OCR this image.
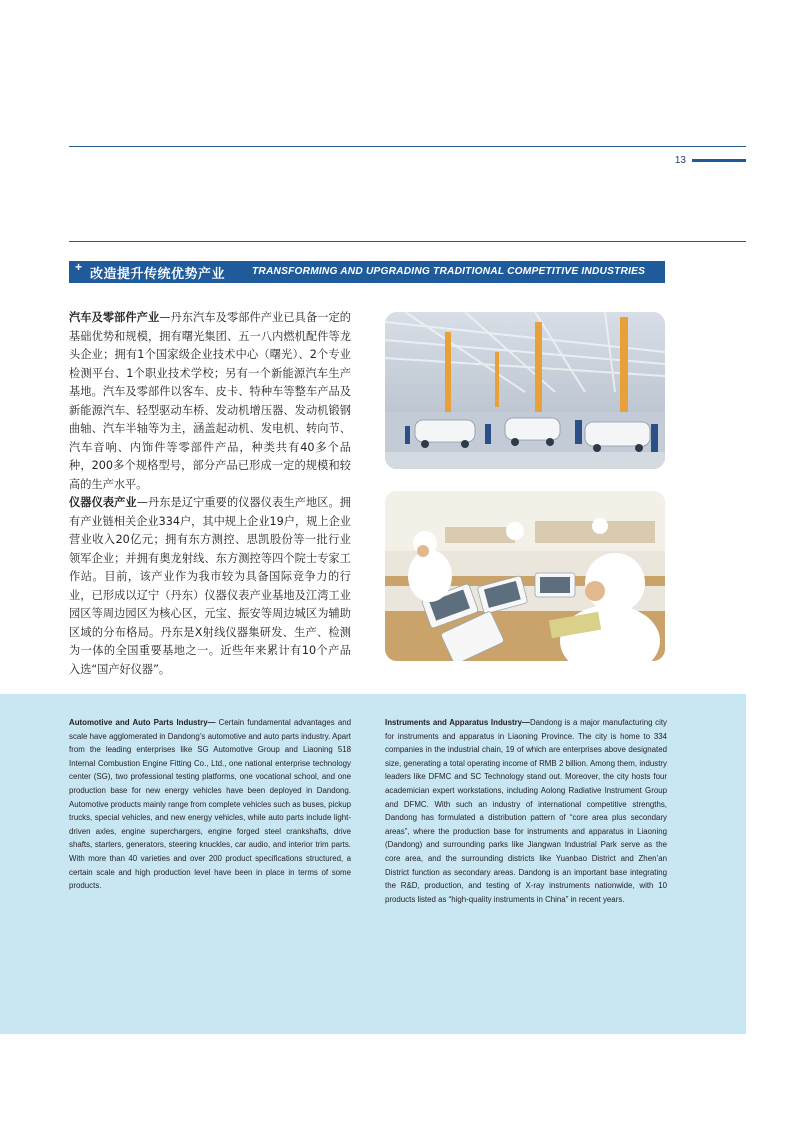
13
+ 改造提升传统优势产业	TRANSFORMING AND UPGRADING TRADITIONAL COMPETITIVE INDUSTRIES

汽车及零部件产业—丹东汽车及零部件产业已具备一定的基础优势和规模，拥有曙光集团、五一八内燃机配件等龙头企业；拥有1个国家级企业技术中心（曙光）、2个专业检测平台、1个职业技术学校；另有一个新能源汽车生产基地。汽车及零部件以客车、皮卡、特种车等整车产品及新能源汽车、轻型驱动车桥、发动机增压器、发动机锻钢曲轴、汽车半轴等为主，涵盖起动机、发电机、转向节、汽车音响、内饰件等零部件产品，种类共有40多个品种，200多个规格型号，部分产品已形成一定的规模和较高的生产水平。

仪器仪表产业—丹东是辽宁重要的仪器仪表生产地区。拥有产业链相关企业334户，其中规上企业19户，规上企业营业收入20亿元；拥有东方测控、思凯股份等一批行业领军企业；并拥有奥龙射线、东方测控等四个院士专家工作站。目前，该产业作为我市较为具备国际竞争力的行业，已形成以辽宁（丹东）仪器仪表产业基地及江湾工业园区等周边园区为核心区，元宝、振安等周边城区为辅助区域的分布格局。丹东是X射线仪器集研发、生产、检测为一体的全国重要基地之一。近些年来累计有10个产品入选“国产好仪器”。

Automotive and Auto Parts Industry— Certain fundamental advantages and scale have agglomerated in Dandong’s automotive and auto parts industry. Apart from the leading enterprises like SG Automotive Group and Liaoning 518 Internal Combustion Engine Fitting Co., Ltd., one national enterprise technology center (SG), two professional testing platforms, one vocational school, and one production base for new energy vehicles have been deployed in Dandong. Automotive products mainly range from complete vehicles such as buses, pickup trucks, special vehicles, and new energy vehicles, while auto parts include light-driven axles, engine superchargers, engine forged steel crankshafts, drive shafts, starters, generators, steering knuckles, car audio, and interior trim parts. With more than 40 varieties and over 200 product specifications structured, a certain scale and high production level have been in place in terms of some products.

Instruments and Apparatus Industry—Dandong is a major manufacturing city for instruments and apparatus in Liaoning Province. The city is home to 334 companies in the industrial chain, 19 of which are enterprises above designated size, generating a total operating income of RMB 2 billion. Among them, industry leaders like DFMC and SC Technology stand out. Moreover, the city hosts four academician expert workstations, including Aolong Radiative Instrument Group and DFMC. With such an industry of international competitive strengths, Dandong has formulated a distribution pattern of “core area plus secondary areas”, where the production base for instruments and apparatus in Liaoning (Dandong) and surrounding parks like Jiangwan Industrial Park serve as the core area, and the surrounding districts like Yuanbao District and Zhen’an District function as secondary areas. Dandong is an important base integrating the R&D, production, and testing of X-ray instruments nationwide, with 10 products listed as “high-quality instruments in China” in recent years.
